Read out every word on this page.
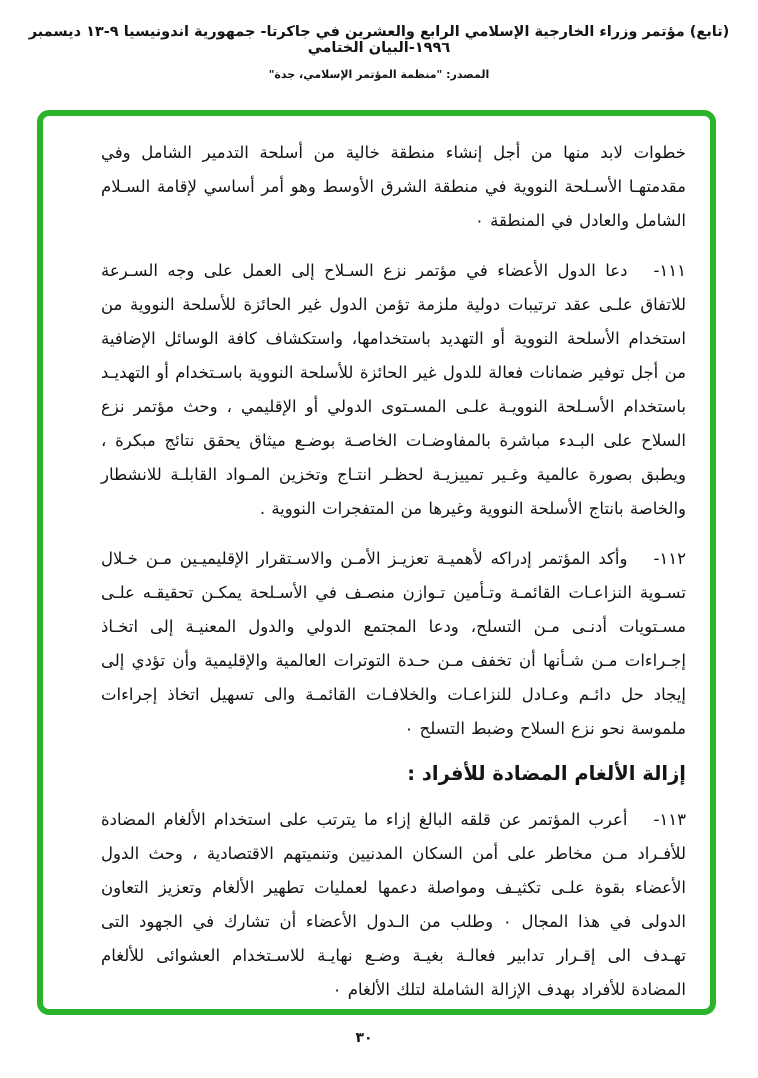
(تابع) مؤتمر وزراء الخارجية الإسلامي الرابع والعشرين في جاكرتا- جمهورية اندونيسيا ٩-١٣ ديسمبر ١٩٩٦-البيان الختامي
المصدر: "منظمة المؤتمر الإسلامي، جدة"

خطوات لابد منها من أجل إنشاء منطقة خالية من أسلحة التدمير الشامل وفي مقدمتهـا الأسـلحة النووية في منطقة الشرق الأوسط وهو أمر أساسي لإقامة السـلام الشامل والعادل في المنطقة ٠

١١١-دعا الدول الأعضاء في مؤتمر نزع السـلاح إلى العمل على وجه السـرعة للاتفاق علـى عقد ترتيبات دولية ملزمة تؤمن الدول غير الحائزة للأسلحة النووية من استخدام الأسلحة النووية أو التهديد باستخدامها، واستكشاف كافة الوسائل الإضافية من أجل توفير ضمانات فعالة للدول غير الحائزة للأسلحة النووية باسـتخدام أو التهديـد باستخدام الأسـلحة النوويـة علـى المسـتوى الدولي أو الإقليمي ، وحث مؤتمر نزع السلاح على البـدء مباشرة بالمفاوضـات الخاصـة بوضـع ميثاق يحقق نتائج مبكرة ، ويطبق بصورة عالمية وغـير تمييزيـة لحظـر انتـاج وتخزين المـواد القابلـة للانشطار والخاصة بانتاج الأسلحة النووية وغيرها من المتفجرات النووية .

١١٢-وأكد المؤتمر إدراكه لأهميـة تعزيـز الأمـن والاسـتقرار الإقليميـين مـن خـلال تسـوية النزاعـات القائمـة وتـأمين تـوازن منصـف في الأسـلحة يمكـن تحقيقـه علـى مسـتويات أدنـى مـن التسلح، ودعا المجتمع الدولي والدول المعنيـة إلى اتخـاذ إجـراءات مـن شـأنها أن تخفف مـن حـدة التوترات العالمية والإقليمية وأن تؤدي إلى إيجاد حل دائـم وعـادل للنزاعـات والخلافـات القائمـة والى تسهيل اتخاذ إجراءات ملموسة نحو نزع السلاح وضبط التسلح ٠

إزالة الألغام المضادة للأفراد :

١١٣-أعرب المؤتمر عن قلقه البالغ إزاء ما يترتب على استخدام الألغام المضادة للأفـراد مـن مخاطر على أمن السكان المدنيين وتنميتهم الاقتصادية ، وحث الدول الأعضاء بقوة علـى تكثيـف ومواصلة دعمها لعمليات تطهير الألغام وتعزيز التعاون الدولى في هذا المجال ٠ وطلب من الـدول الأعضاء أن تشارك في الجهود التى تهـدف الى إقـرار تدابير فعالـة بغيـة وضـع نهايـة للاسـتخدام العشوائى للألغام المضادة للأفراد بهدف الإزالة الشاملة لتلك الألغام ٠

٣٠
